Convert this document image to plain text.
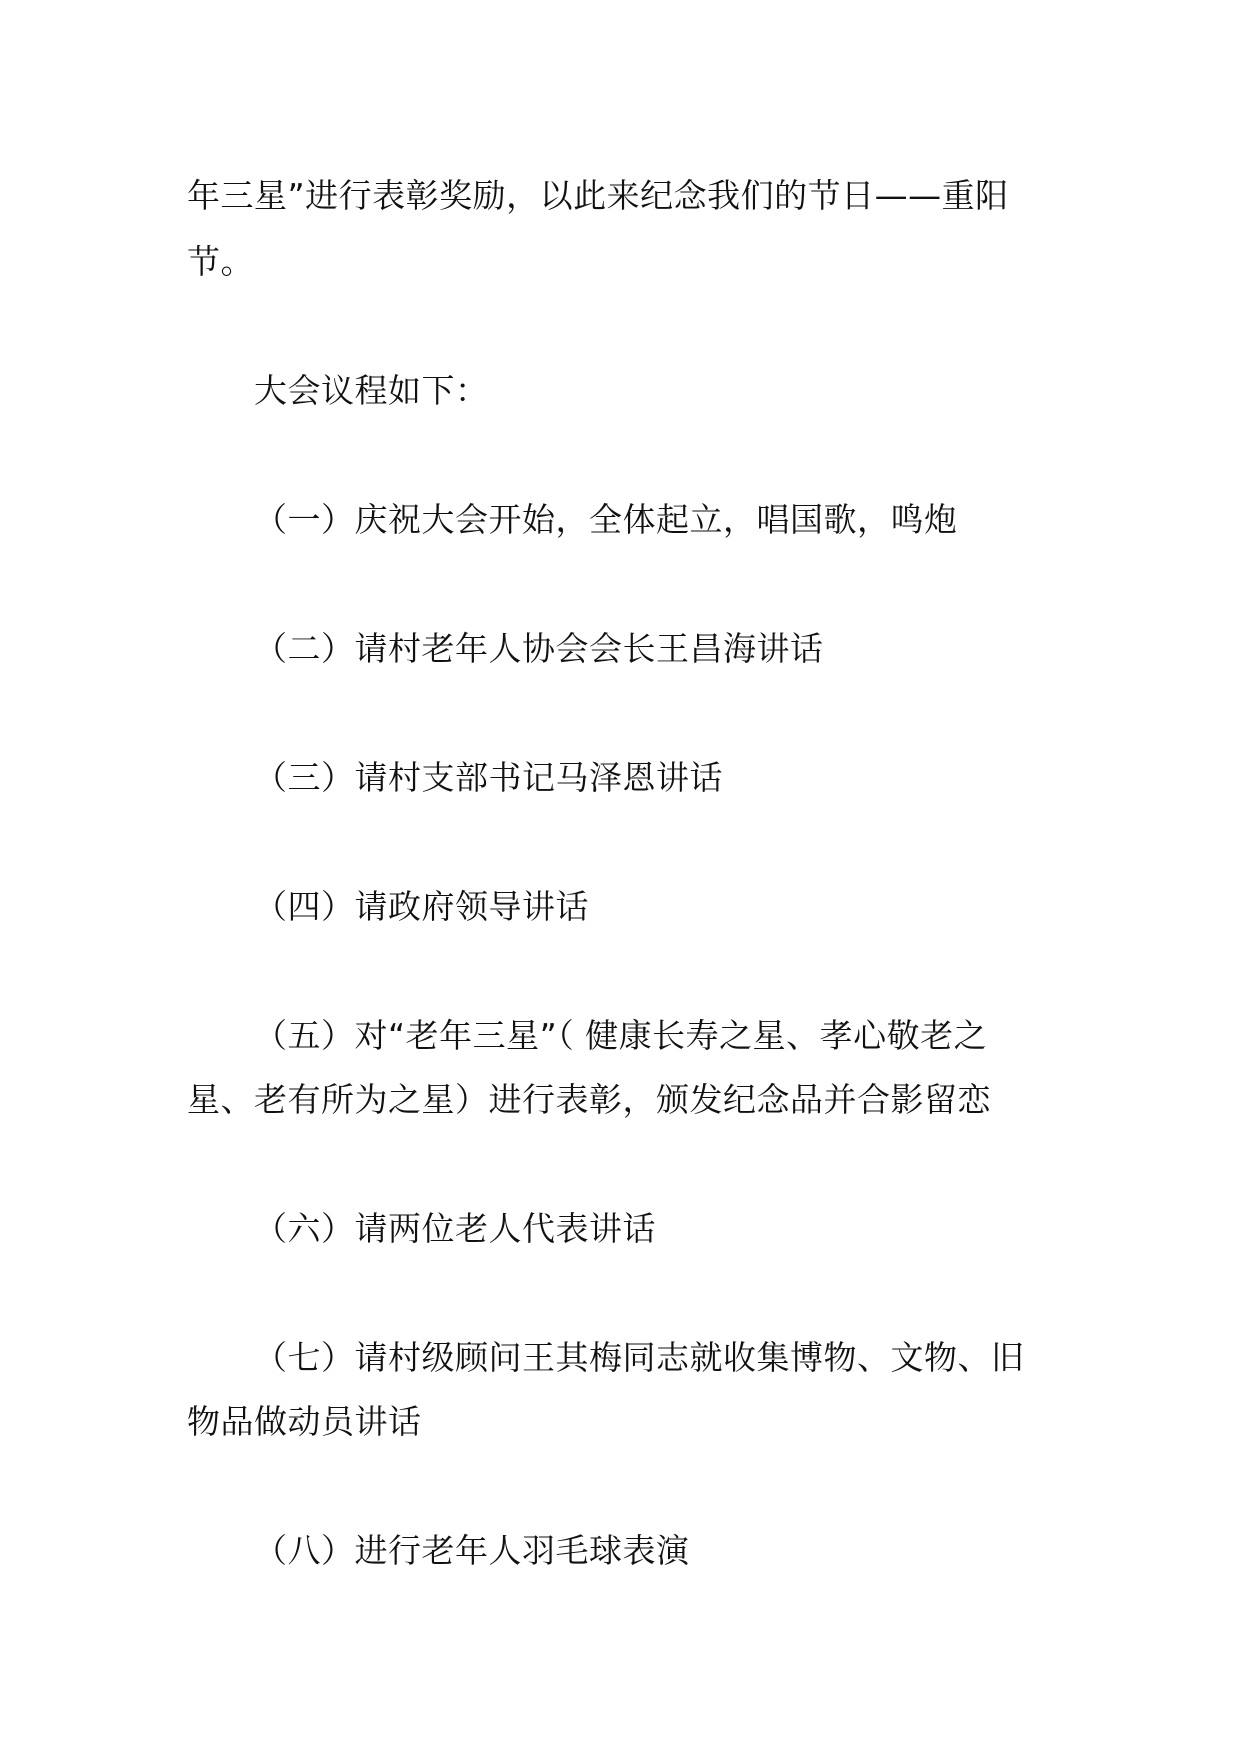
年三星”进行表彰奖励，以此来纪念我们的节日——重阳

节。

大会议程如下：

（一）庆祝大会开始，全体起立，唱国歌，鸣炮

（二）请村老年人协会会长王昌海讲话

（三）请村支部书记马泽恩讲话

（四）请政府领导讲话

（五）对“老年三星”（ 健康长寿之星、孝心敬老之

星、老有所为之星）进行表彰，颁发纪念品并合影留恋

（六）请两位老人代表讲话

（七）请村级顾问王其梅同志就收集博物、文物、旧

物品做动员讲话

（八）进行老年人羽毛球表演
